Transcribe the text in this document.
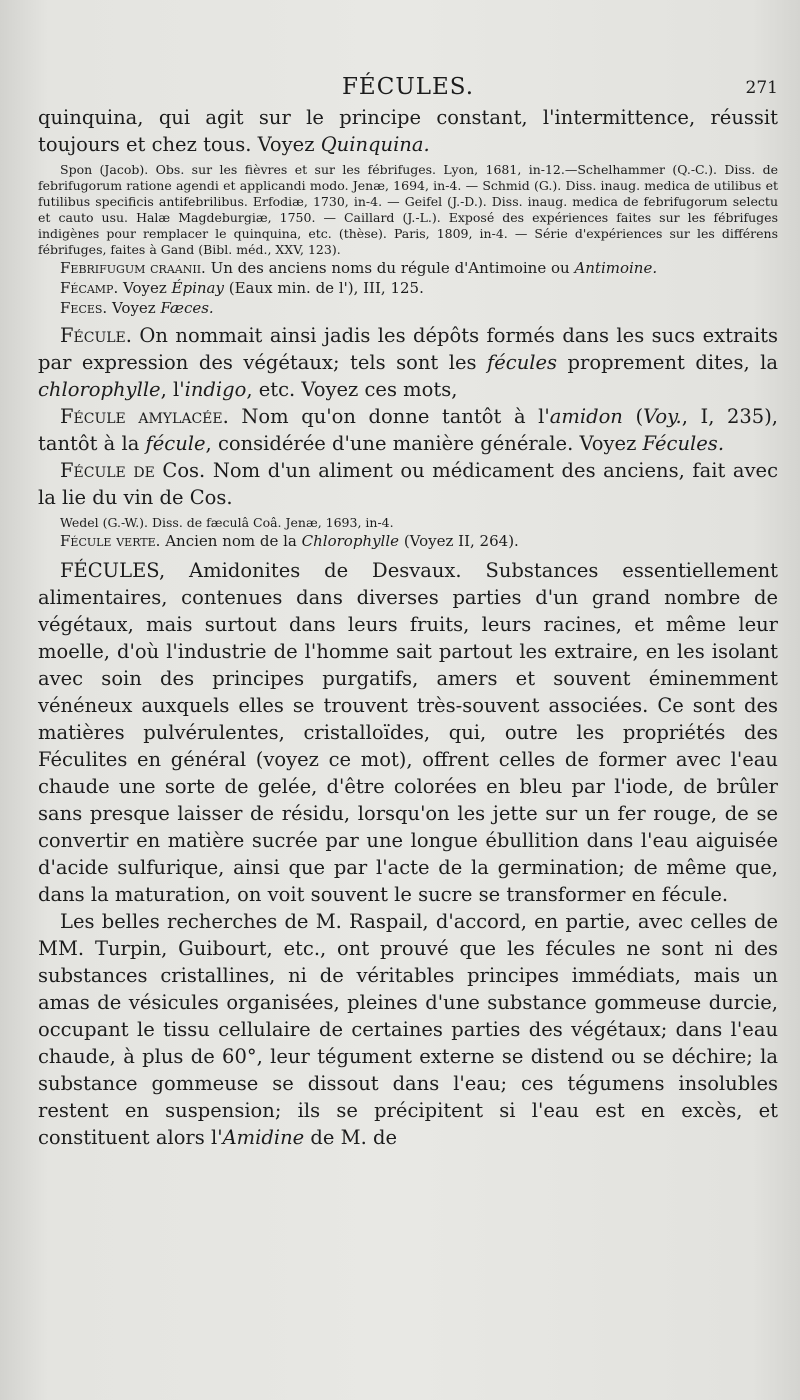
FÉCULES.	271

quinquina, qui agit sur le principe constant, l'intermittence, réussit toujours et chez tous. Voyez Quinquina.

Spon (Jacob). Obs. sur les fièvres et sur les fébrifuges. Lyon, 1681, in-12.—Schelhammer (Q.-C.). Diss. de febrifugorum ratione agendi et applicandi modo. Jenæ, 1694, in-4. — Schmid (G.). Diss. inaug. medica de utilibus et futilibus specificis antifebrilibus. Erfodiæ, 1730, in-4. — Geifel (J.-D.). Diss. inaug. medica de febrifugorum selectu et cauto usu. Halæ Magdeburgiæ, 1750. — Caillard (J.-L.). Exposé des expériences faites sur les fébrifuges indigènes pour remplacer le quinquina, etc. (thèse). Paris, 1809, in-4. — Série d'expériences sur les différens fébrifuges, faites à Gand (Bibl. méd., XXV, 123).

Febrifugum craanii. Un des anciens noms du régule d'Antimoine ou Antimoine.

Fécamp. Voyez Épinay (Eaux min. de l'), III, 125.

Feces. Voyez Fæces.

Fécule. On nommait ainsi jadis les dépôts formés dans les sucs extraits par expression des végétaux; tels sont les fécules proprement dites, la chlorophylle, l'indigo, etc. Voyez ces mots,

Fécule amylacée. Nom qu'on donne tantôt à l'amidon (Voy., I, 235), tantôt à la fécule, considérée d'une manière générale. Voyez Fécules.

Fécule de Cos. Nom d'un aliment ou médicament des anciens, fait avec la lie du vin de Cos.

Wedel (G.-W.). Diss. de fæculâ Coâ. Jenæ, 1693, in-4.

Fécule verte. Ancien nom de la Chlorophylle (Voyez II, 264).

FÉCULES, Amidonites de Desvaux. Substances essentiellement alimentaires, contenues dans diverses parties d'un grand nombre de végétaux, mais surtout dans leurs fruits, leurs racines, et même leur moelle, d'où l'industrie de l'homme sait partout les extraire, en les isolant avec soin des principes purgatifs, amers et souvent éminemment vénéneux auxquels elles se trouvent très-souvent associées. Ce sont des matières pulvérulentes, cristalloïdes, qui, outre les propriétés des Féculites en général (voyez ce mot), offrent celles de former avec l'eau chaude une sorte de gelée, d'être colorées en bleu par l'iode, de brûler sans presque laisser de résidu, lorsqu'on les jette sur un fer rouge, de se convertir en matière sucrée par une longue ébullition dans l'eau aiguisée d'acide sulfurique, ainsi que par l'acte de la germination; de même que, dans la maturation, on voit souvent le sucre se transformer en fécule.

Les belles recherches de M. Raspail, d'accord, en partie, avec celles de MM. Turpin, Guibourt, etc., ont prouvé que les fécules ne sont ni des substances cristallines, ni de véritables principes immédiats, mais un amas de vésicules organisées, pleines d'une substance gommeuse durcie, occupant le tissu cellulaire de certaines parties des végétaux; dans l'eau chaude, à plus de 60°, leur tégument externe se distend ou se déchire; la substance gommeuse se dissout dans l'eau; ces tégumens insolubles restent en suspension; ils se précipitent si l'eau est en excès, et constituent alors l'Amidine de M. de
